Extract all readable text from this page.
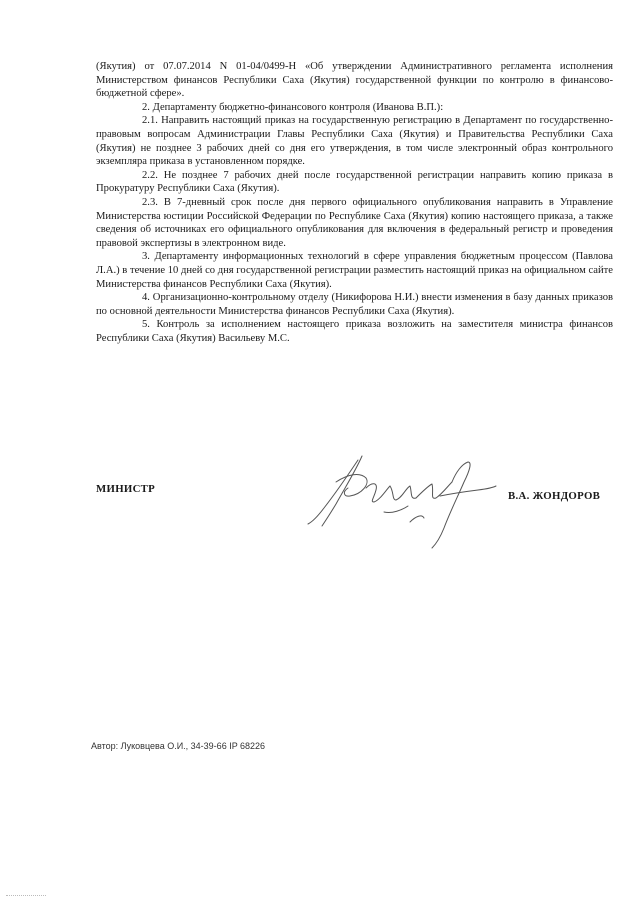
(Якутия) от 07.07.2014 N 01-04/0499-Н «Об утверждении Административного регламента исполнения Министерством финансов Республики Саха (Якутия) государственной функции по контролю в финансово-бюджетной сфере».

2. Департаменту бюджетно-финансового контроля (Иванова В.П.):

2.1. Направить настоящий приказ на государственную регистрацию в Департамент по государственно-правовым вопросам Администрации Главы Республики Саха (Якутия) и Правительства Республики Саха (Якутия) не позднее 3 рабочих дней со дня его утверждения, в том числе электронный образ контрольного экземпляра приказа в установленном порядке.

2.2. Не позднее 7 рабочих дней после государственной регистрации направить копию приказа в Прокуратуру Республики Саха (Якутия).

2.3. В 7-дневный срок после дня первого официального опубликования направить в Управление Министерства юстиции Российской Федерации по Республике Саха (Якутия) копию настоящего приказа, а также сведения об источниках его официального опубликования для включения в федеральный регистр и проведения правовой экспертизы в электронном виде.

3. Департаменту информационных технологий в сфере управления бюджетным процессом (Павлова Л.А.) в течение 10 дней со дня государственной регистрации разместить настоящий приказ на официальном сайте Министерства финансов Республики Саха (Якутия).

4. Организационно-контрольному отделу (Никифорова Н.И.) внести изменения в базу данных приказов по основной деятельности Министерства финансов Республики Саха (Якутия).

5. Контроль за исполнением настоящего приказа возложить на заместителя министра финансов Республики Саха (Якутия) Васильеву М.С.

МИНИСТР
В.А. ЖОНДОРОВ
Автор: Луковцева О.И., 34-39-66 IP 68226
